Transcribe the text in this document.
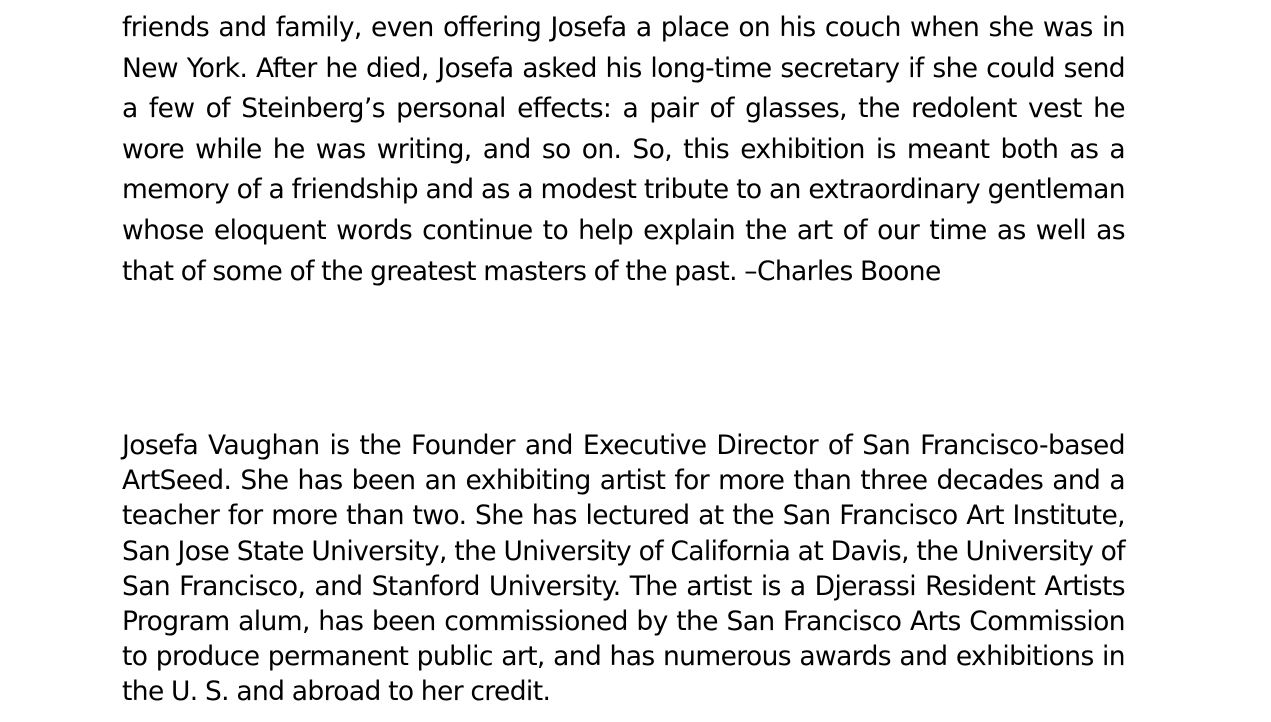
friends and family, even offering Josefa a place on his couch when she was in New York. After he died, Josefa asked his long-time secretary if she could send a few of Steinberg’s personal effects: a pair of glasses, the redolent vest he wore while he was writing, and so on. So, this exhibition is meant both as a memory of a friendship and as a modest tribute to an extraordinary gentleman whose eloquent words continue to help explain the art of our time as well as that of some of the greatest masters of the past. –Charles Boone

Josefa Vaughan is the Founder and Executive Director of San Francisco-based ArtSeed. She has been an exhibiting artist for more than three decades and a teacher for more than two. She has lectured at the San Francisco Art Institute, San Jose State University, the University of California at Davis, the University of San Francisco, and Stanford University. The artist is a Djerassi Resident Artists Program alum, has been commissioned by the San Francisco Arts Commission to produce permanent public art, and has numerous awards and exhibitions in the U. S. and abroad to her credit.
